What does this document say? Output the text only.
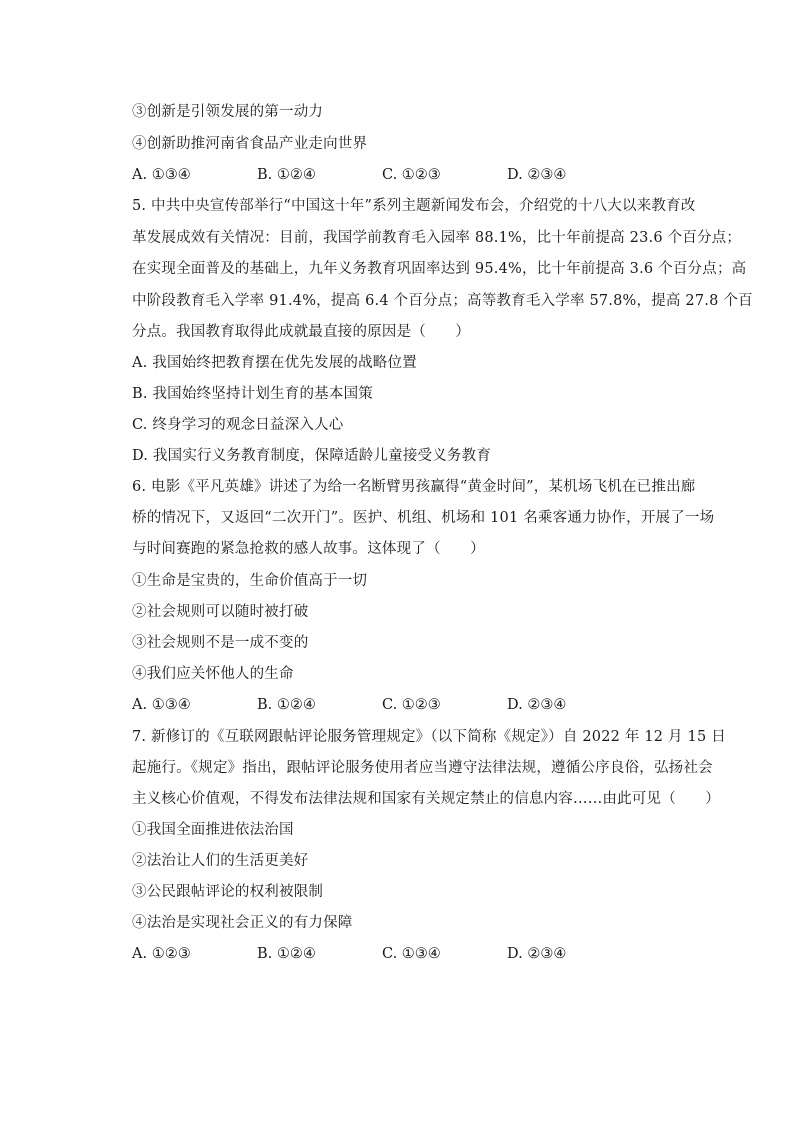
③创新是引领发展的第一动力
④创新助推河南省食品产业走向世界
A. ①③④	B. ①②④	C. ①②③	D. ②③④
5. 中共中央宣传部举行“中国这十年”系列主题新闻发布会，介绍党的十八大以来教育改
革发展成效有关情况：目前，我国学前教育毛入园率 88.1%，比十年前提高 23.6 个百分点；
在实现全面普及的基础上，九年义务教育巩固率达到 95.4%，比十年前提高 3.6 个百分点；高
中阶段教育毛入学率 91.4%，提高 6.4 个百分点；高等教育毛入学率 57.8%，提高 27.8 个百
分点。我国教育取得此成就最直接的原因是（　　）
A. 我国始终把教育摆在优先发展的战略位置
B. 我国始终坚持计划生育的基本国策
C. 终身学习的观念日益深入人心
D. 我国实行义务教育制度，保障适龄儿童接受义务教育
6. 电影《平凡英雄》讲述了为给一名断臂男孩赢得“黄金时间”，某机场飞机在已推出廊
桥的情况下，又返回“二次开门”。医护、机组、机场和 101 名乘客通力协作，开展了一场
与时间赛跑的紧急抢救的感人故事。这体现了（　　）
①生命是宝贵的，生命价值高于一切
②社会规则可以随时被打破
③社会规则不是一成不变的
④我们应关怀他人的生命
A. ①③④	B. ①②④	C. ①②③	D. ②③④
7. 新修订的《互联网跟帖评论服务管理规定》（以下简称《规定》）自 2022 年 12 月 15 日
起施行。《规定》指出，跟帖评论服务使用者应当遵守法律法规，遵循公序良俗，弘扬社会
主义核心价值观，不得发布法律法规和国家有关规定禁止的信息内容……由此可见（　　）
①我国全面推进依法治国
②法治让人们的生活更美好
③公民跟帖评论的权利被限制
④法治是实现社会正义的有力保障
A. ①②③	B. ①②④	C. ①③④	D. ②③④
